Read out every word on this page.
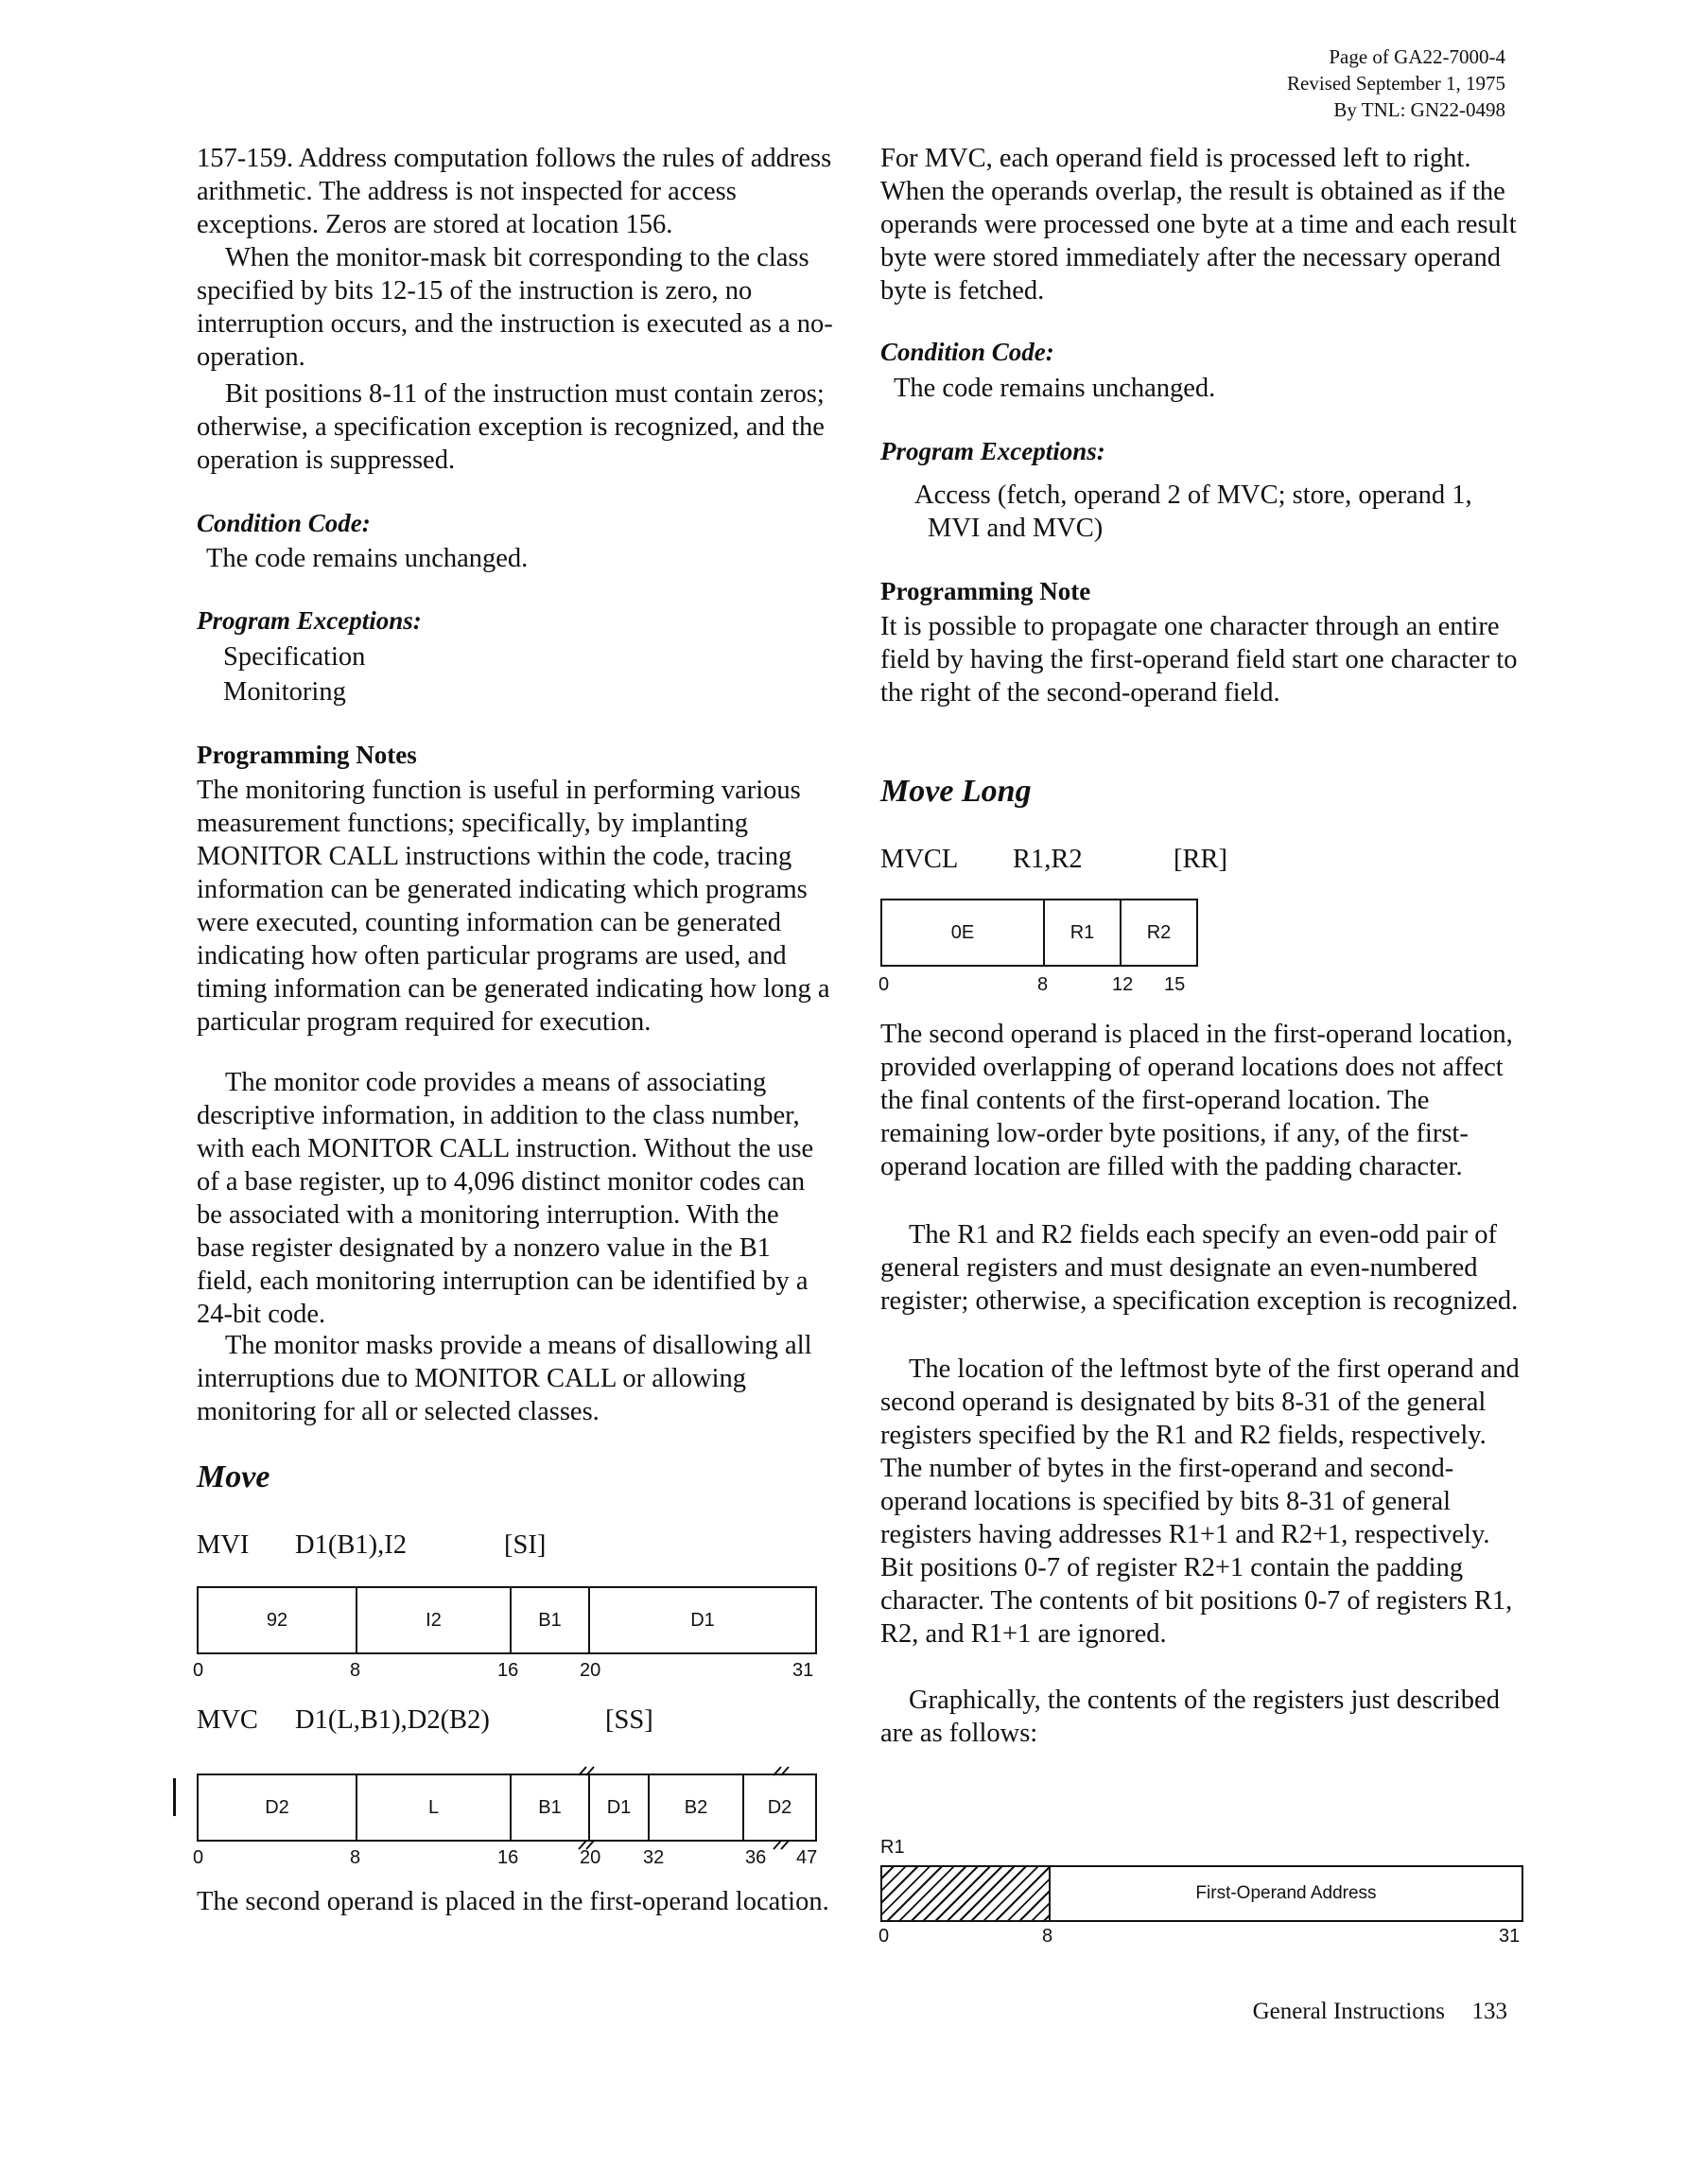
Page of GA22-7000-4
Revised September 1, 1975
By TNL: GN22-0498

157-159. Address computation follows the rules of address arithmetic. The address is not inspected for access exceptions. Zeros are stored at location 156.

When the monitor-mask bit corresponding to the class specified by bits 12-15 of the instruction is zero, no interruption occurs, and the instruction is executed as a no-operation.

Bit positions 8-11 of the instruction must contain zeros; otherwise, a specification exception is recognized, and the operation is suppressed.

Condition Code:
The code remains unchanged.
Program Exceptions:
Specification
Monitoring
Programming Notes

The monitoring function is useful in performing various measurement functions; specifically, by implanting MONITOR CALL instructions within the code, tracing information can be generated indicating which programs were executed, counting information can be generated indicating how often particular programs are used, and timing information can be generated indicating how long a particular program required for execution.

The monitor code provides a means of associating descriptive information, in addition to the class number, with each MONITOR CALL instruction. Without the use of a base register, up to 4,096 distinct monitor codes can be associated with a monitoring interruption. With the base register designated by a nonzero value in the B1 field, each monitoring interruption can be identified by a 24-bit code.

The monitor masks provide a means of disallowing all interruptions due to MONITOR CALL or allowing monitoring for all or selected classes.

Move
MVI D1(B1),I2	[SI]
92	I2	B1	D1
0	8	16	20	31
MVC D1(L,B1),D2(B2)	[SS]
D2	L	B1	D1	B2	D2
0	8	16	20 32	36 47

The second operand is placed in the first-operand location.

For MVC, each operand field is processed left to right. When the operands overlap, the result is obtained as if the operands were processed one byte at a time and each result byte were stored immediately after the necessary operand byte is fetched.

Condition Code:
The code remains unchanged.
Program Exceptions:

Access (fetch, operand 2 of MVC; store, operand 1, MVI and MVC)

Programming Note

It is possible to propagate one character through an entire field by having the first-operand field start one character to the right of the second-operand field.

Move Long
MVCL R1,R2	[RR]
0E	R1	R2
0	8	12 15

The second operand is placed in the first-operand location, provided overlapping of operand locations does not affect the final contents of the first-operand location. The remaining low-order byte positions, if any, of the first-operand location are filled with the padding character.

The R1 and R2 fields each specify an even-odd pair of general registers and must designate an even-numbered register; otherwise, a specification exception is recognized.

The location of the leftmost byte of the first operand and second operand is designated by bits 8-31 of the general registers specified by the R1 and R2 fields, respectively. The number of bytes in the first-operand and second-operand locations is specified by bits 8-31 of general registers having addresses R1+1 and R2+1, respectively. Bit positions 0-7 of register R2+1 contain the padding character. The contents of bit positions 0-7 of registers R1, R2, and R1+1 are ignored.

Graphically, the contents of the registers just described are as follows:

R1
First-Operand Address
0	8	31
General Instructions 133
